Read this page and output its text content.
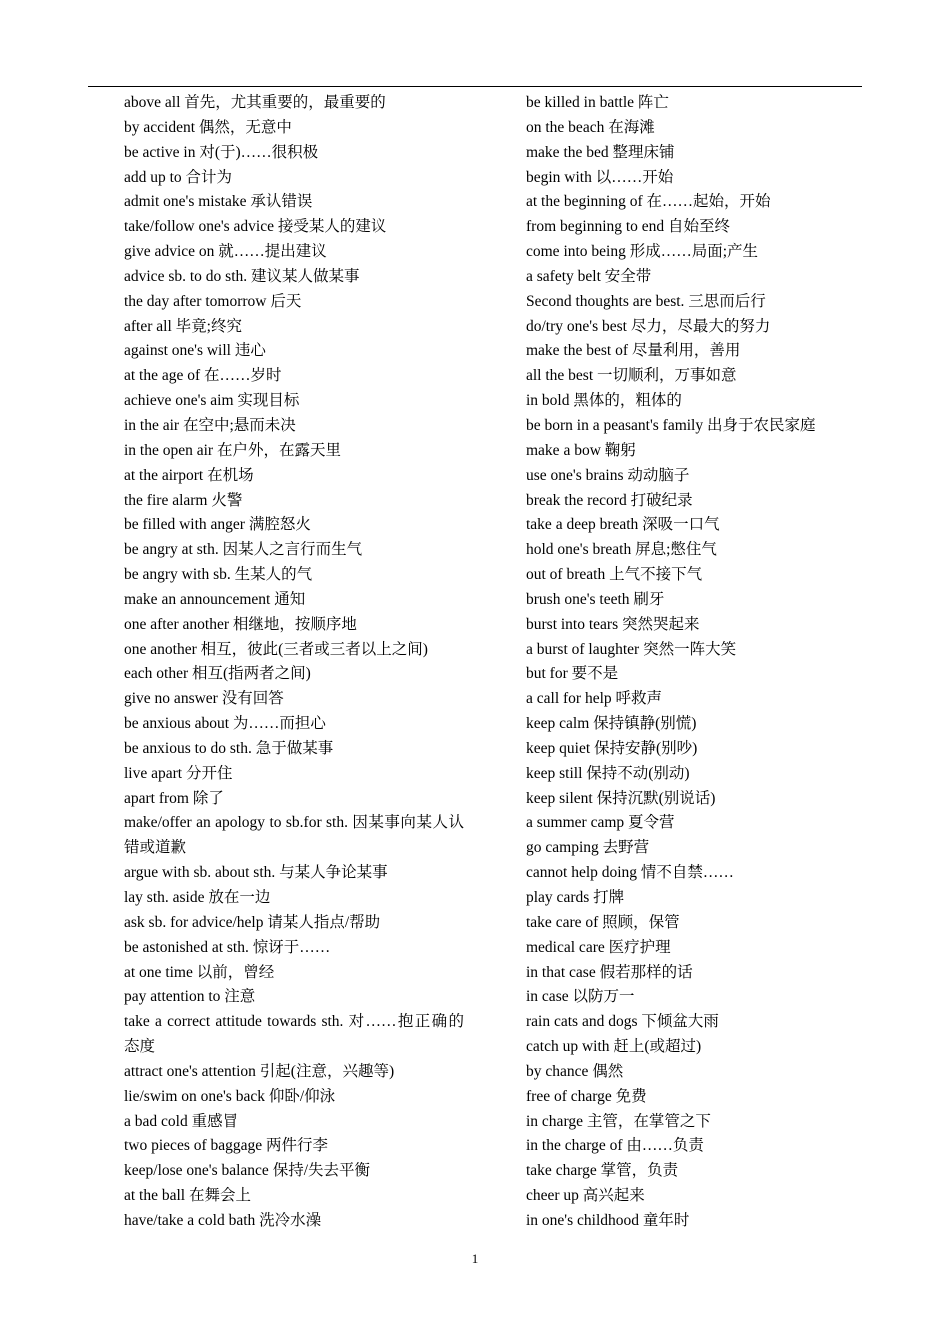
above all 首先，尤其重要的，最重要的
by accident 偶然，无意中
be active in 对(于)……很积极
add up to 合计为
admit one's mistake 承认错误
take/follow one's advice 接受某人的建议
give advice on 就……提出建议
advice sb. to do sth. 建议某人做某事
the day after tomorrow 后天
after all 毕竟;终究
against one's will 违心
at the age of 在……岁时
achieve one's aim 实现目标
in the air 在空中;悬而未决
in the open air 在户外，在露天里
at the airport 在机场
the fire alarm 火警
be filled with anger 满腔怒火
be angry at sth. 因某人之言行而生气
be angry with sb. 生某人的气
make an announcement 通知
one after another 相继地，按顺序地
one another 相互，彼此(三者或三者以上之间)
each other 相互(指两者之间)
give no answer 没有回答
be anxious about 为……而担心
be anxious to do sth. 急于做某事
live apart 分开住
apart from 除了
make/offer an apology to sb.for sth. 因某事向某人认错或道歉
argue with sb. about sth. 与某人争论某事
lay sth. aside 放在一边
ask sb. for advice/help 请某人指点/帮助
be astonished at sth. 惊讶于……
at one time 以前，曾经
pay attention to 注意
take a correct attitude towards sth. 对……抱正确的态度
attract one's attention 引起(注意，兴趣等)
lie/swim on one's back 仰卧/仰泳
a bad cold 重感冒
two pieces of baggage 两件行李
keep/lose one's balance 保持/失去平衡
at the ball 在舞会上
have/take a cold bath 洗冷水澡
be killed in battle 阵亡
on the beach 在海滩
make the bed 整理床铺
begin with 以……开始
at the beginning of 在……起始，开始
from beginning to end 自始至终
come into being 形成……局面;产生
a safety belt 安全带
Second thoughts are best. 三思而后行
do/try one's best 尽力，尽最大的努力
make the best of 尽量利用，善用
all the best 一切顺利，万事如意
in bold 黑体的，粗体的
be born in a peasant's family 出身于农民家庭
make a bow 鞠躬
use one's brains 动动脑子
break the record 打破纪录
take a deep breath 深吸一口气
hold one's breath 屏息;憋住气
out of breath 上气不接下气
brush one's teeth 刷牙
burst into tears 突然哭起来
a burst of laughter 突然一阵大笑
but for 要不是
a call for help 呼救声
keep calm 保持镇静(别慌)
keep quiet 保持安静(别吵)
keep still 保持不动(别动)
keep silent 保持沉默(别说话)
a summer camp 夏令营
go camping 去野营
cannot help doing 情不自禁……
play cards 打牌
take care of 照顾，保管
medical care 医疗护理
in that case 假若那样的话
in case 以防万一
rain cats and dogs 下倾盆大雨
catch up with 赶上(或超过)
by chance 偶然
free of charge 免费
in charge 主管，在掌管之下
in the charge of 由……负责
take charge 掌管，负责
cheer up 高兴起来
in one's childhood 童年时
1
